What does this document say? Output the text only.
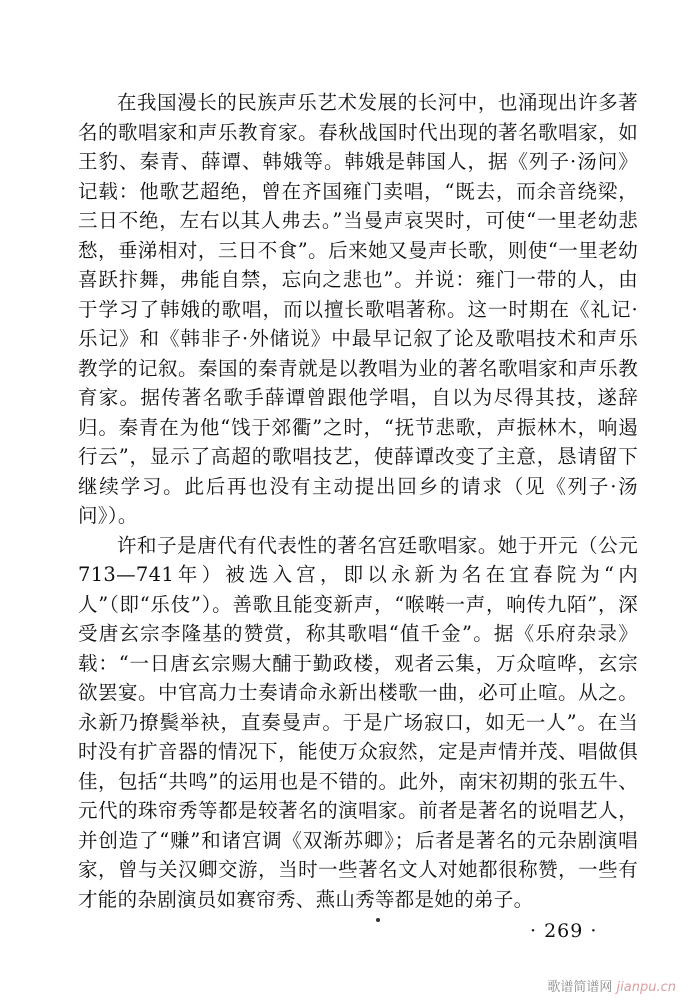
在我国漫长的民族声乐艺术发展的长河中，也涌现出许多著名的歌唱家和声乐教育家。春秋战国时代出现的著名歌唱家，如王豹、秦青、薛谭、韩娥等。韩娥是韩国人，据《列子·汤问》记载：他歌艺超绝，曾在齐国雍门卖唱，“既去，而余音绕梁，三日不绝，左右以其人弗去。”当曼声哀哭时，可使“一里老幼悲愁，垂涕相对，三日不食”。后来她又曼声长歌，则使“一里老幼喜跃抃舞，弗能自禁，忘向之悲也”。并说：雍门一带的人，由于学习了韩娥的歌唱，而以擅长歌唱著称。这一时期在《礼记·乐记》和《韩非子·外储说》中最早记叙了论及歌唱技术和声乐教学的记叙。秦国的秦青就是以教唱为业的著名歌唱家和声乐教育家。据传著名歌手薛谭曾跟他学唱，自以为尽得其技，遂辞归。秦青在为他“饯于郊衢”之时，“抚节悲歌，声振林木，响遏行云”，显示了高超的歌唱技艺，使薛谭改变了主意，恳请留下继续学习。此后再也没有主动提出回乡的请求（见《列子·汤问》）。

许和子是唐代有代表性的著名宫廷歌唱家。她于开元（公元713—741年）被选入宫，即以永新为名在宜春院为“内人”（即“乐伎”）。善歌且能变新声，“喉啭一声，响传九陌”，深受唐玄宗李隆基的赞赏，称其歌唱“值千金”。据《乐府杂录》载：“一日唐玄宗赐大酺于勤政楼，观者云集，万众喧哗，玄宗欲罢宴。中官高力士奏请命永新出楼歌一曲，必可止喧。从之。永新乃撩鬓举袂，直奏曼声。于是广场寂口，如无一人”。在当时没有扩音器的情况下，能使万众寂然，定是声情并茂、唱做俱佳，包括“共鸣”的运用也是不错的。此外，南宋初期的张五牛、元代的珠帘秀等都是较著名的演唱家。前者是著名的说唱艺人，并创造了“赚”和诸宫调《双渐苏卿》；后者是著名的元杂剧演唱家，曾与关汉卿交游，当时一些著名文人对她都很称赞，一些有才能的杂剧演员如赛帘秀、燕山秀等都是她的弟子。

· 269 ·
歌谱简谱网 jianpu.cn
